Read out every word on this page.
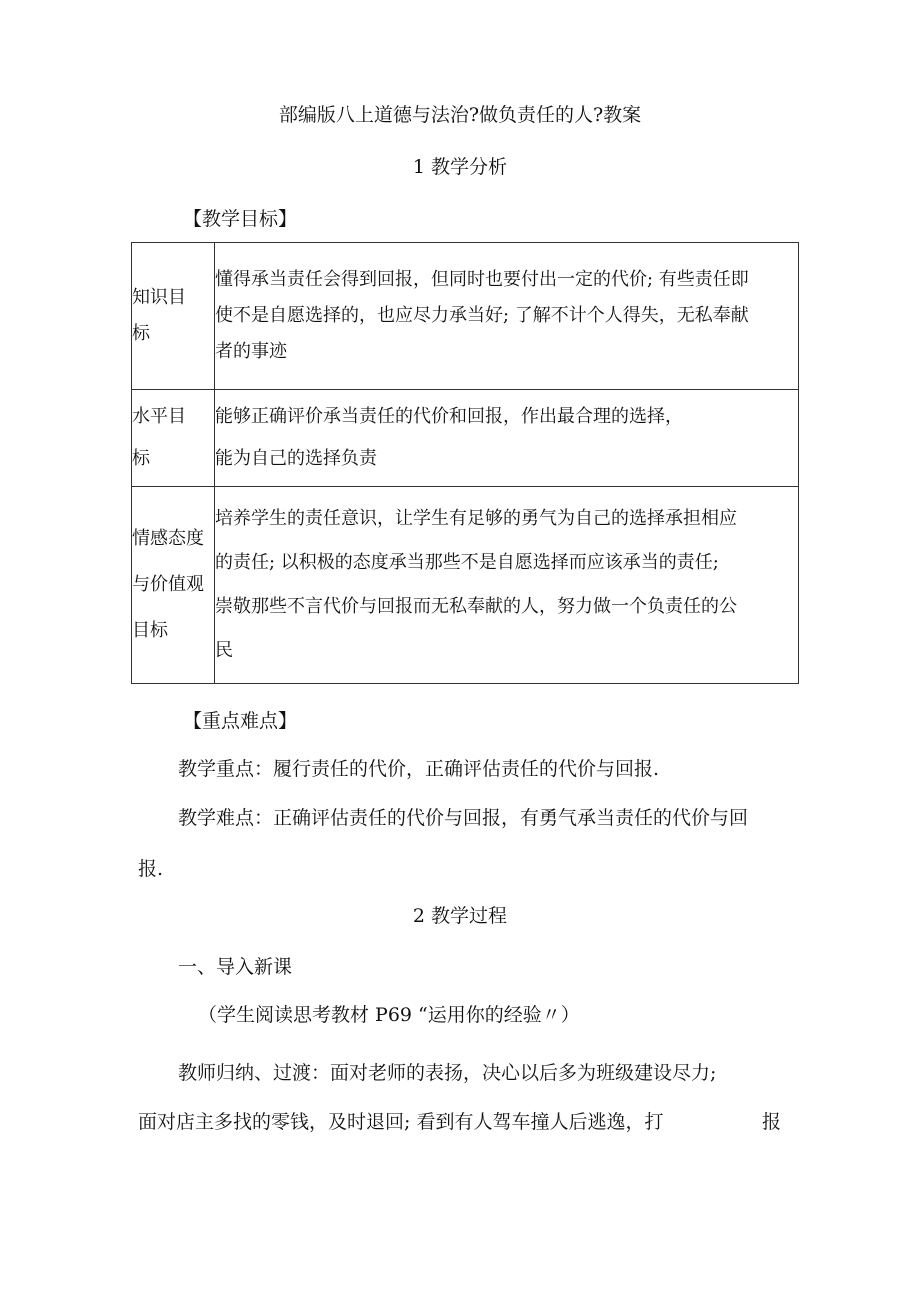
部编版八上道德与法治?做负责任的人?教案
1 教学分析
【教学目标】
知识目
标	懂得承当责任会得到回报，但同时也要付出一定的代价; 有些责任即
使不是自愿选择的，也应尽力承当好; 了解不计个人得失，无私奉献
者的事迹

水平目
标	能够正确评价承当责任的代价和回报，作出最合理的选择，
能为自己的选择负责

情感态度
与价值观
目标	培养学生的责任意识，让学生有足够的勇气为自己的选择承担相应
的责任; 以积极的态度承当那些不是自愿选择而应该承当的责任;
崇敬那些不言代价与回报而无私奉献的人，努力做一个负责任的公
民
【重点难点】
教学重点：履行责任的代价，正确评估责任的代价与回报.
教学难点：正确评估责任的代价与回报，有勇气承当责任的代价与回
报.
2 教学过程
一、导入新课
（学生阅读思考教材 P69 “运用你的经验〃）
教师归纳、过渡：面对老师的表扬，决心以后多为班级建设尽力;
面对店主多找的零钱，及时退回; 看到有人驾车撞人后逃逸，打	报
